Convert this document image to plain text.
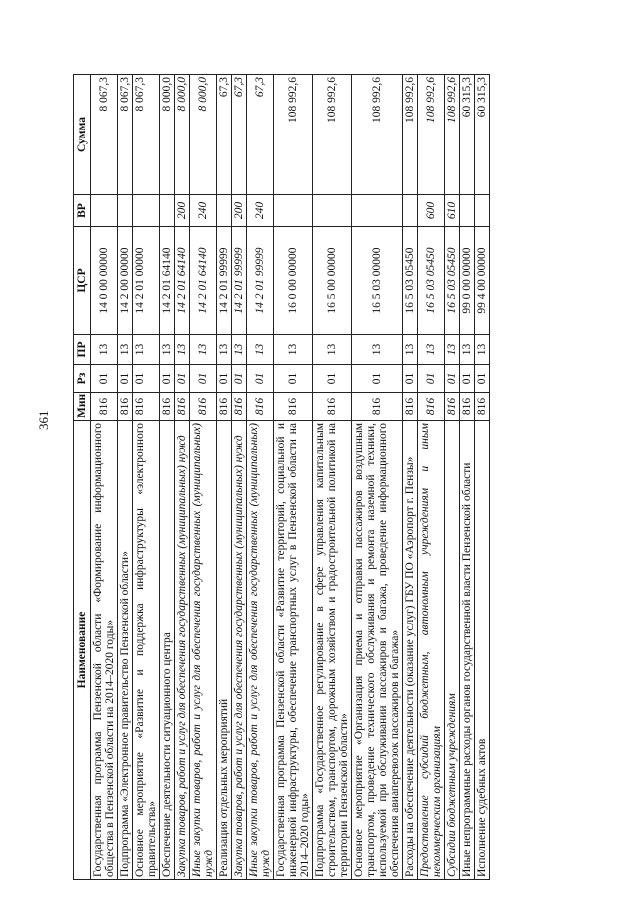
361
Наименование	Мин	Рз	ПР	ЦСР	ВР	Сумма
Государственная программа Пензенской области «Формирование информационного общества в Пензенской области на 2014–2020 годы»	816	01	13	14 0 00 00000		8 067,3
Подпрограмма «Электронное правительство Пензенской области»	816	01	13	14 2 00 00000		8 067,3
Основное мероприятие «Развитие и поддержка инфраструктуры «электронного правительства»	816	01	13	14 2 01 00000		8 067,3
Обеспечение деятельности ситуационного центра	816	01	13	14 2 01 64140		8 000,0
Закупка товаров, работ и услуг для обеспечения государственных (муниципальных) нужд	816	01	13	14 2 01 64140	200	8 000,0
Иные закупки товаров, работ и услуг для обеспечения государственных (муниципальных) нужд	816	01	13	14 2 01 64140	240	8 000,0
Реализация отдельных мероприятий	816	01	13	14 2 01 99999		67,3
Закупка товаров, работ и услуг для обеспечения государственных (муниципальных) нужд	816	01	13	14 2 01 99999	200	67,3
Иные закупки товаров, работ и услуг для обеспечения государственных (муниципальных) нужд	816	01	13	14 2 01 99999	240	67,3
Государственная программа Пензенской области «Развитие территорий, социальной и инженерной инфраструктуры, обеспечение транспортных услуг в Пензенской области на 2014–2020 годы»	816	01	13	16 0 00 00000		108 992,6
Подпрограмма «Государственное регулирование в сфере управления капитальным строительством, транспортом, дорожным хозяйством и градостроительной политикой на территории Пензенской области»	816	01	13	16 5 00 00000		108 992,6
Основное мероприятие «Организация приема и отправки пассажиров воздушным транспортом, проведение технического обслуживания и ремонта наземной техники, используемой при обслуживании пассажиров и багажа, проведение информационного обеспечения авиаперевозок пассажиров и багажа»	816	01	13	16 5 03 00000		108 992,6
Расходы на обеспечение деятельности (оказание услуг) ГБУ ПО «Аэропорт г. Пензы»	816	01	13	16 5 03 05450		108 992,6
Предоставление субсидий бюджетным, автономным учреждениям и иным некоммерческим организациям	816	01	13	16 5 03 05450	600	108 992,6
Субсидии бюджетным учреждениям	816	01	13	16 5 03 05450	610	108 992,6
Иные непрограммные расходы органов государственной власти Пензенской области	816	01	13	99 0 00 00000		60 315,3
Исполнение судебных актов	816	01	13	99 4 00 00000		60 315,3
